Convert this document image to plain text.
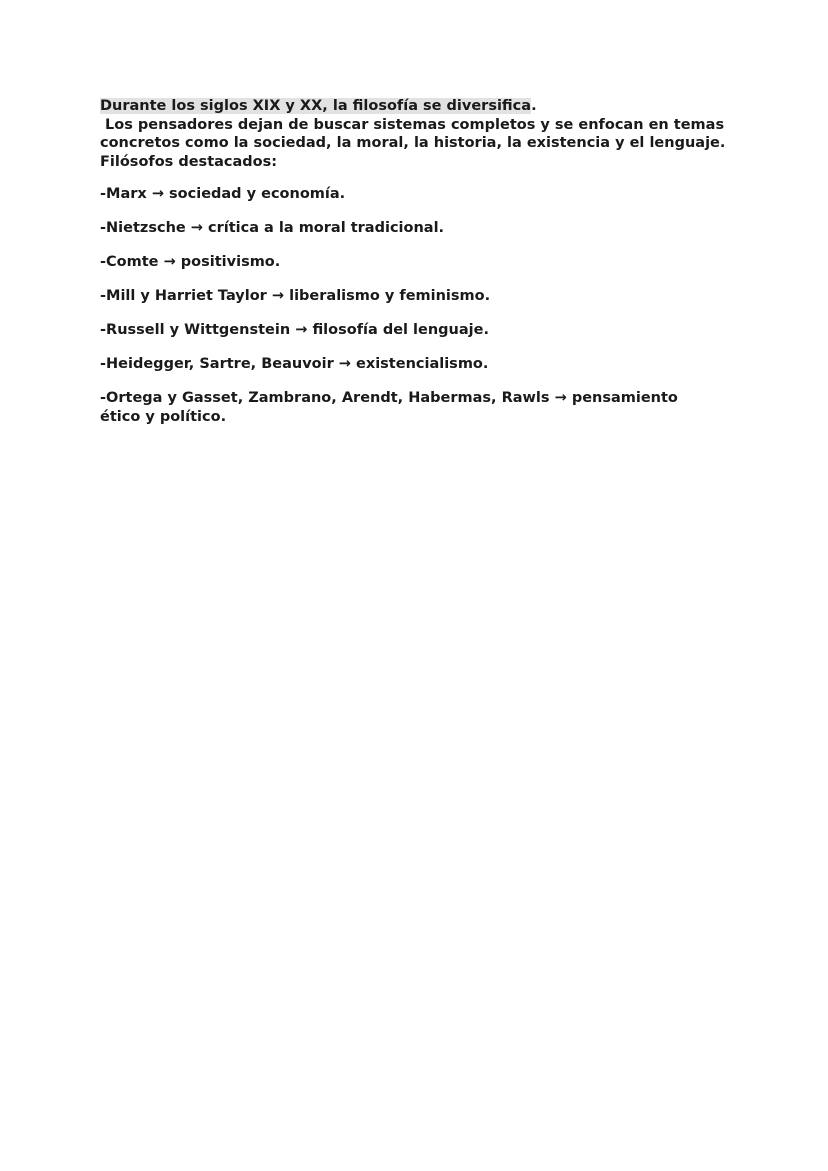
Durante los siglos XIX y XX, la filosofía se diversifica.
Los pensadores dejan de buscar sistemas completos y se enfocan en temas
concretos como la sociedad, la moral, la historia, la existencia y el lenguaje.
Filósofos destacados:

-Marx → sociedad y economía.

-Nietzsche → crítica a la moral tradicional.

-Comte → positivismo.

-Mill y Harriet Taylor → liberalismo y feminismo.

-Russell y Wittgenstein → filosofía del lenguaje.

-Heidegger, Sartre, Beauvoir → existencialismo.

-Ortega y Gasset, Zambrano, Arendt, Habermas, Rawls → pensamiento ético y político.
